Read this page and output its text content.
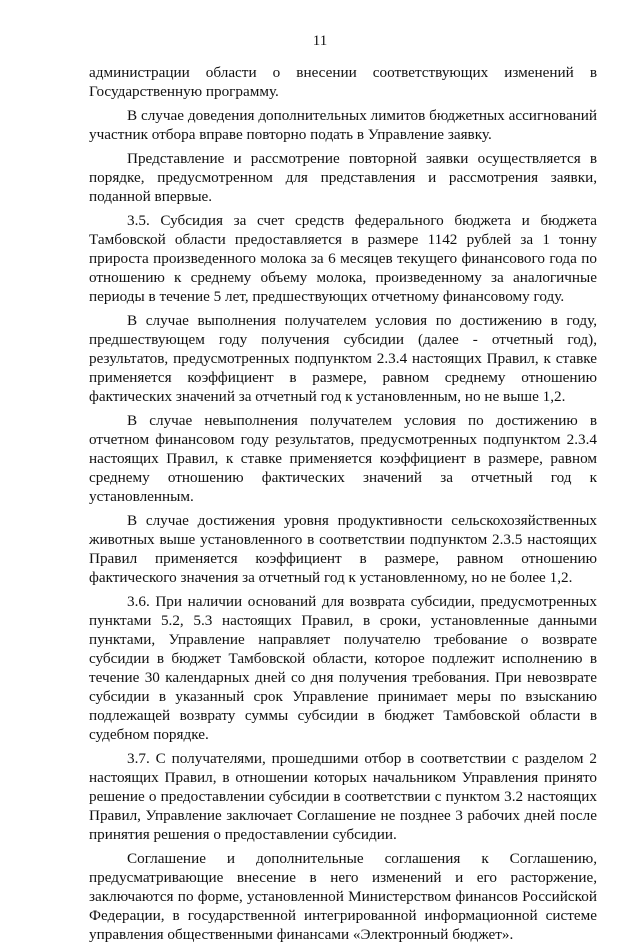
11

администрации области о внесении соответствующих изменений в Государственную программу.

В случае доведения дополнительных лимитов бюджетных ассигнований участник отбора вправе повторно подать в Управление заявку.

Представление и рассмотрение повторной заявки осуществляется в порядке, предусмотренном для представления и рассмотрения заявки, поданной впервые.

3.5. Субсидия за счет средств федерального бюджета и бюджета Тамбовской области предоставляется в размере 1142 рублей за 1 тонну прироста произведенного молока за 6 месяцев текущего финансового года по отношению к среднему объему молока, произведенному за аналогичные периоды в течение 5 лет, предшествующих отчетному финансовому году.

В случае выполнения получателем условия по достижению в году, предшествующем году получения субсидии (далее - отчетный год), результатов, предусмотренных подпунктом 2.3.4 настоящих Правил, к ставке применяется коэффициент в размере, равном среднему отношению фактических значений за отчетный год к установленным, но не выше 1,2.

В случае невыполнения получателем условия по достижению в отчетном финансовом году результатов, предусмотренных подпунктом 2.3.4 настоящих Правил, к ставке применяется коэффициент в размере, равном среднему отношению фактических значений за отчетный год к установленным.

В случае достижения уровня продуктивности сельскохозяйственных животных выше установленного в соответствии подпунктом 2.3.5 настоящих Правил применяется коэффициент в размере, равном отношению фактического значения за отчетный год к установленному, но не более 1,2.

3.6. При наличии оснований для возврата субсидии, предусмотренных пунктами 5.2, 5.3 настоящих Правил, в сроки, установленные данными пунктами, Управление направляет получателю требование о возврате субсидии в бюджет Тамбовской области, которое подлежит исполнению в течение 30 календарных дней со дня получения требования. При невозврате субсидии в указанный срок Управление принимает меры по взысканию подлежащей возврату суммы субсидии в бюджет Тамбовской области в судебном порядке.

3.7. С получателями, прошедшими отбор в соответствии с разделом 2 настоящих Правил, в отношении которых начальником Управления принято решение о предоставлении субсидии в соответствии с пунктом 3.2 настоящих Правил, Управление заключает Соглашение не позднее 3 рабочих дней после принятия решения о предоставлении субсидии.

Соглашение и дополнительные соглашения к Соглашению, предусматривающие внесение в него изменений и его расторжение, заключаются по форме, установленной Министерством финансов Российской Федерации, в государственной интегрированной информационной системе управления общественными финансами «Электронный бюджет».
